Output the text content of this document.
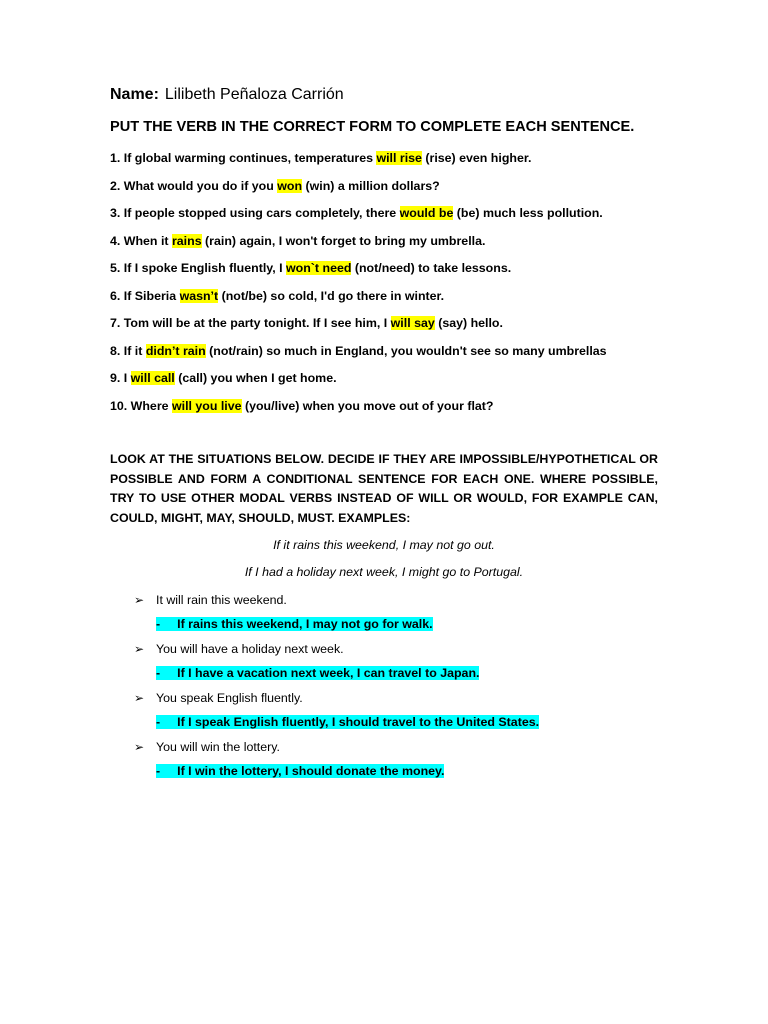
Name: Lilibeth Peñaloza Carrión
PUT THE VERB IN THE CORRECT FORM TO COMPLETE EACH SENTENCE.
1. If global warming continues, temperatures will rise (rise) even higher.
2. What would you do if you won (win) a million dollars?
3. If people stopped using cars completely, there would be (be) much less pollution.
4. When it rains (rain) again, I won't forget to bring my umbrella.
5. If I spoke English fluently, I won`t need (not/need) to take lessons.
6. If Siberia wasn’t (not/be) so cold, I'd go there in winter.
7. Tom will be at the party tonight. If I see him, I will say (say) hello.
8. If it didn’t rain (not/rain) so much in England, you wouldn't see so many umbrellas
9. I will call (call) you when I get home.
10. Where will you live (you/live) when you move out of your flat?
LOOK AT THE SITUATIONS BELOW. DECIDE IF THEY ARE IMPOSSIBLE/HYPOTHETICAL OR POSSIBLE AND FORM A CONDITIONAL SENTENCE FOR EACH ONE. WHERE POSSIBLE, TRY TO USE OTHER MODAL VERBS INSTEAD OF WILL OR WOULD, FOR EXAMPLE CAN, COULD, MIGHT, MAY, SHOULD, MUST. EXAMPLES:
If it rains this weekend, I may not go out.
If I had a holiday next week, I might go to Portugal.
➢ It will rain this weekend.
- If rains this weekend, I may not go for walk.
➢ You will have a holiday next week.
- If I have a vacation next week, I can travel to Japan.
➢ You speak English fluently.
- If I speak English fluently, I should travel to the United States.
➢ You will win the lottery.
- If I win the lottery, I should donate the money.
